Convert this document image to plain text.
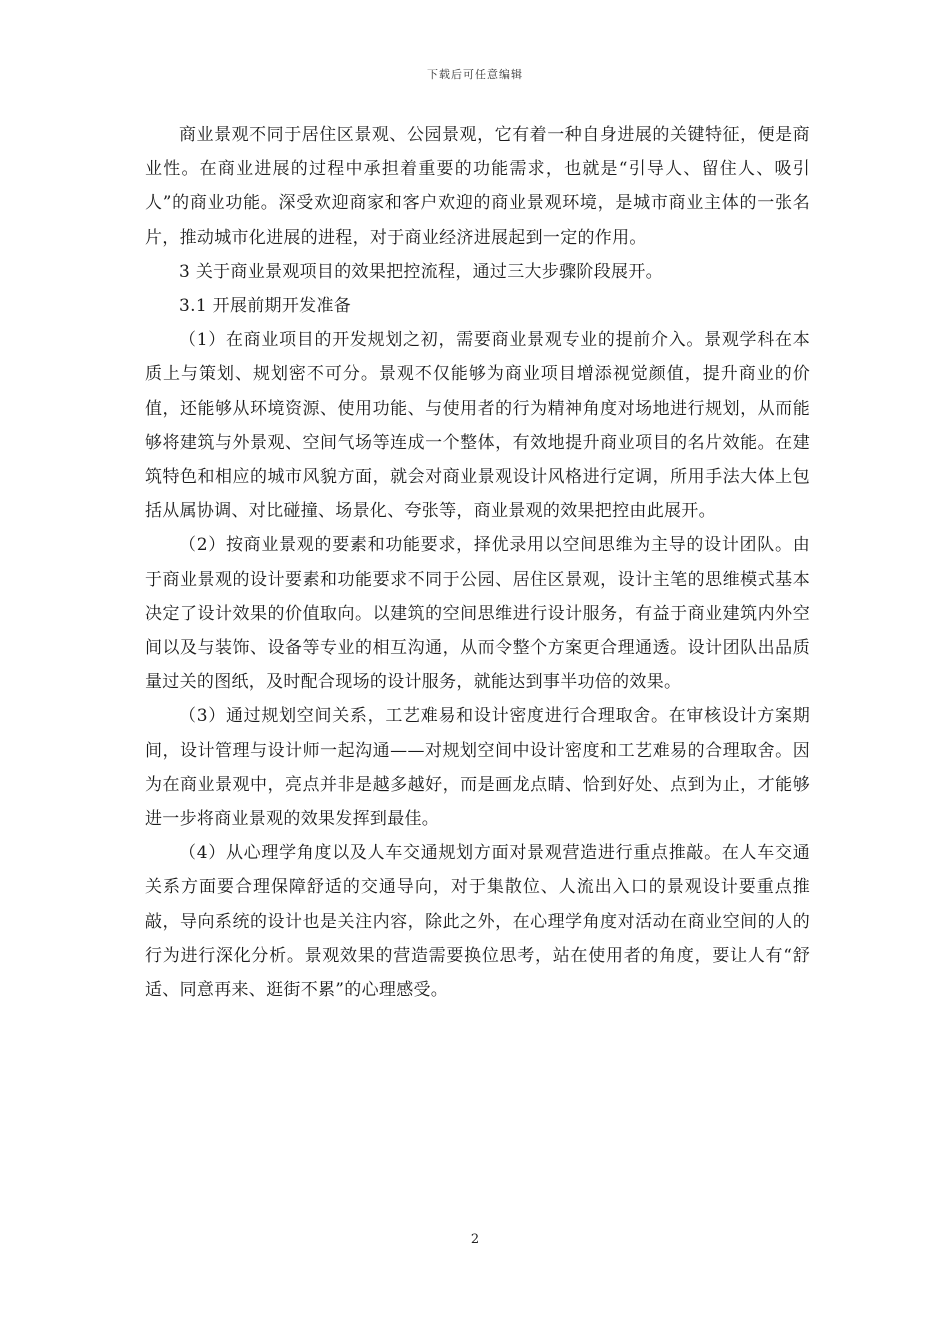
下载后可任意编辑

商业景观不同于居住区景观、公园景观，它有着一种自身进展的关键特征，便是商业性。在商业进展的过程中承担着重要的功能需求，也就是“引导人、留住人、吸引人”的商业功能。深受欢迎商家和客户欢迎的商业景观环境，是城市商业主体的一张名片，推动城市化进展的进程，对于商业经济进展起到一定的作用。

3 关于商业景观项目的效果把控流程，通过三大步骤阶段展开。

3.1 开展前期开发准备

（1）在商业项目的开发规划之初，需要商业景观专业的提前介入。景观学科在本质上与策划、规划密不可分。景观不仅能够为商业项目增添视觉颜值，提升商业的价值，还能够从环境资源、使用功能、与使用者的行为精神角度对场地进行规划，从而能够将建筑与外景观、空间气场等连成一个整体，有效地提升商业项目的名片效能。在建筑特色和相应的城市风貌方面，就会对商业景观设计风格进行定调，所用手法大体上包括从属协调、对比碰撞、场景化、夸张等，商业景观的效果把控由此展开。

（2）按商业景观的要素和功能要求，择优录用以空间思维为主导的设计团队。由于商业景观的设计要素和功能要求不同于公园、居住区景观，设计主笔的思维模式基本决定了设计效果的价值取向。以建筑的空间思维进行设计服务，有益于商业建筑内外空间以及与装饰、设备等专业的相互沟通，从而令整个方案更合理通透。设计团队出品质量过关的图纸，及时配合现场的设计服务，就能达到事半功倍的效果。

（3）通过规划空间关系，工艺难易和设计密度进行合理取舍。在审核设计方案期间，设计管理与设计师一起沟通——对规划空间中设计密度和工艺难易的合理取舍。因为在商业景观中，亮点并非是越多越好，而是画龙点睛、恰到好处、点到为止，才能够进一步将商业景观的效果发挥到最佳。

（4）从心理学角度以及人车交通规划方面对景观营造进行重点推敲。在人车交通关系方面要合理保障舒适的交通导向，对于集散位、人流出入口的景观设计要重点推敲，导向系统的设计也是关注内容，除此之外，在心理学角度对活动在商业空间的人的行为进行深化分析。景观效果的营造需要换位思考，站在使用者的角度，要让人有“舒适、同意再来、逛街不累”的心理感受。

2
